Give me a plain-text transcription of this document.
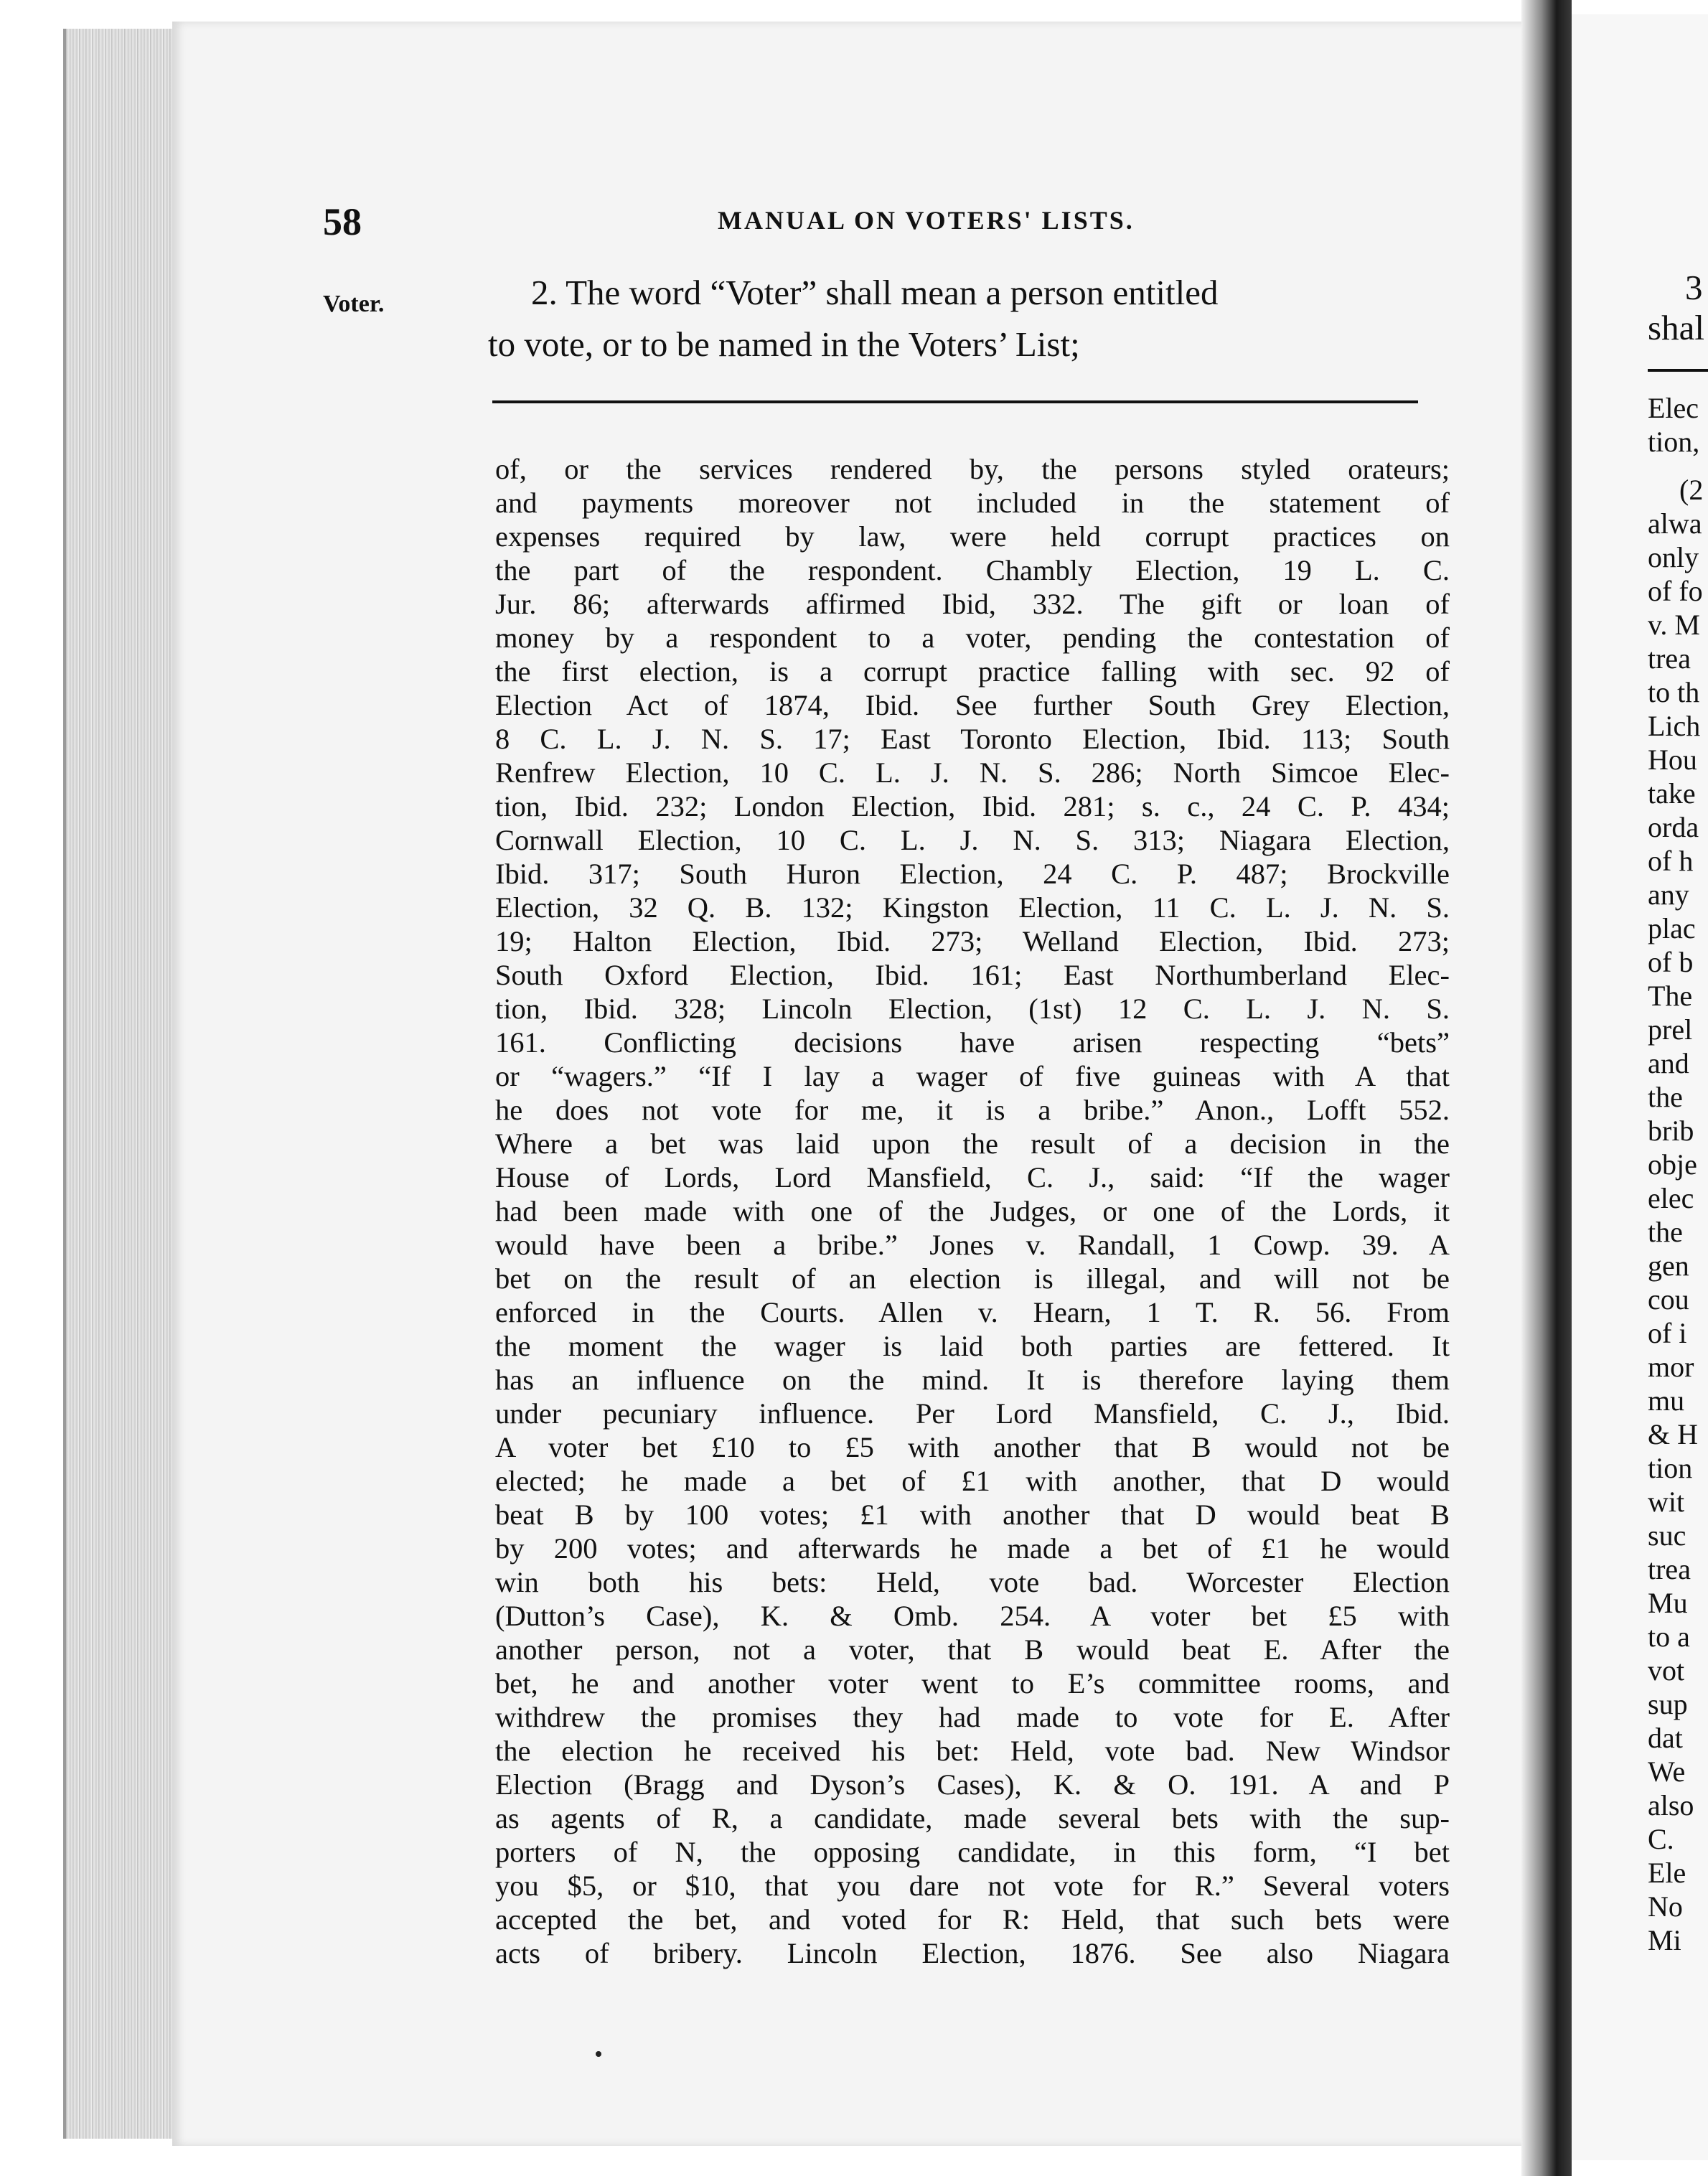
58	MANUAL ON VOTERS' LISTS.
Voter.	2. The word “Voter” shall mean a person entitled
to vote, or to be named in the Voters’ List;
of, or the services rendered by, the persons styled orateurs;
and payments moreover not included in the statement of
expenses required by law, were held corrupt practices on
the part of the respondent. Chambly Election, 19 L. C.
Jur. 86; afterwards affirmed Ibid, 332. The gift or loan of
money by a respondent to a voter, pending the contestation of
the first election, is a corrupt practice falling with sec. 92 of
Election Act of 1874, Ibid. See further South Grey Election,
8 C. L. J. N. S. 17; East Toronto Election, Ibid. 113; South
Renfrew Election, 10 C. L. J. N. S. 286; North Simcoe Elec-
tion, Ibid. 232; London Election, Ibid. 281; s. c., 24 C. P. 434;
Cornwall Election, 10 C. L. J. N. S. 313; Niagara Election,
Ibid. 317; South Huron Election, 24 C. P. 487; Brockville
Election, 32 Q. B. 132; Kingston Election, 11 C. L. J. N. S.
19; Halton Election, Ibid. 273; Welland Election, Ibid. 273;
South Oxford Election, Ibid. 161; East Northumberland Elec-
tion, Ibid. 328; Lincoln Election, (1st) 12 C. L. J. N. S.
161. Conflicting decisions have arisen respecting “bets”
or “wagers.” “If I lay a wager of five guineas with A that
he does not vote for me, it is a bribe.” Anon., Lofft 552.
Where a bet was laid upon the result of a decision in the
House of Lords, Lord Mansfield, C. J., said: “If the wager
had been made with one of the Judges, or one of the Lords, it
would have been a bribe.” Jones v. Randall, 1 Cowp. 39. A
bet on the result of an election is illegal, and will not be
enforced in the Courts. Allen v. Hearn, 1 T. R. 56. From
the moment the wager is laid both parties are fettered. It
has an influence on the mind. It is therefore laying them
under pecuniary influence. Per Lord Mansfield, C. J., Ibid.
A voter bet £10 to £5 with another that B would not be
elected; he made a bet of £1 with another, that D would
beat B by 100 votes; £1 with another that D would beat B
by 200 votes; and afterwards he made a bet of £1 he would
win both his bets: Held, vote bad. Worcester Election
(Dutton’s Case), K. & Omb. 254. A voter bet £5 with
another person, not a voter, that B would beat E. After the
bet, he and another voter went to E’s committee rooms, and
withdrew the promises they had made to vote for E. After
the election he received his bet: Held, vote bad. New Windsor
Election (Bragg and Dyson’s Cases), K. & O. 191. A and P
as agents of R, a candidate, made several bets with the sup-
porters of N, the opposing candidate, in this form, “I bet
you $5, or $10, that you dare not vote for R.” Several voters
accepted the bet, and voted for R: Held, that such bets were
acts of bribery. Lincoln Election, 1876. See also Niagara
3
shal
Elec
tion,
(2
alwa
only
of fo
v. M
trea
to th
Lich
Hou
take
orda
of h
any
plac
of b
The
prel
and
the
brib
obje
elec
the
gen
cou
of i
mor
mu
& H
tion
wit
suc
trea
Mu
to a
vot
sup
dat
We
also
C.
Ele
No
Mi
